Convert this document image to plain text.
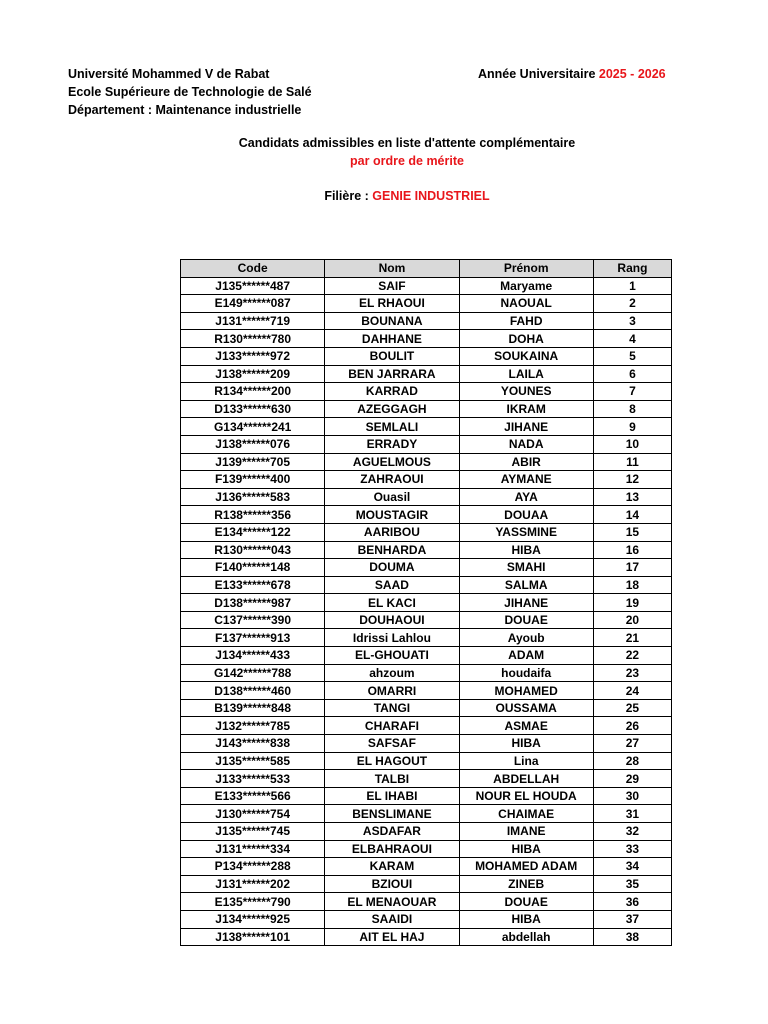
Université Mohammed V de Rabat
Ecole Supérieure de Technologie de Salé
Département : Maintenance industrielle
Année Universitaire 2025 - 2026
Candidats admissibles en liste d'attente complémentaire
par ordre de mérite
Filière : GENIE INDUSTRIEL
Code	Nom	Prénom	Rang
J135******487	SAIF	Maryame	1
E149******087	EL RHAOUI	NAOUAL	2
J131******719	BOUNANA	FAHD	3
R130******780	DAHHANE	DOHA	4
J133******972	BOULIT	SOUKAINA	5
J138******209	BEN JARRARA	LAILA	6
R134******200	KARRAD	YOUNES	7
D133******630	AZEGGAGH	IKRAM	8
G134******241	SEMLALI	JIHANE	9
J138******076	ERRADY	NADA	10
J139******705	AGUELMOUS	ABIR	11
F139******400	ZAHRAOUI	AYMANE	12
J136******583	Ouasil	AYA	13
R138******356	MOUSTAGIR	DOUAA	14
E134******122	AARIBOU	YASSMINE	15
R130******043	BENHARDA	HIBA	16
F140******148	DOUMA	SMAHI	17
E133******678	SAAD	SALMA	18
D138******987	EL KACI	JIHANE	19
C137******390	DOUHAOUI	DOUAE	20
F137******913	Idrissi Lahlou	Ayoub	21
J134******433	EL-GHOUATI	ADAM	22
G142******788	ahzoum	houdaifa	23
D138******460	OMARRI	MOHAMED	24
B139******848	TANGI	OUSSAMA	25
J132******785	CHARAFI	ASMAE	26
J143******838	SAFSAF	HIBA	27
J135******585	EL HAGOUT	Lina	28
J133******533	TALBI	ABDELLAH	29
E133******566	EL IHABI	NOUR EL HOUDA	30
J130******754	BENSLIMANE	CHAIMAE	31
J135******745	ASDAFAR	IMANE	32
J131******334	ELBAHRAOUI	HIBA	33
P134******288	KARAM	MOHAMED ADAM	34
J131******202	BZIOUI	ZINEB	35
E135******790	EL MENAOUAR	DOUAE	36
J134******925	SAAIDI	HIBA	37
J138******101	AIT EL HAJ	abdellah	38
